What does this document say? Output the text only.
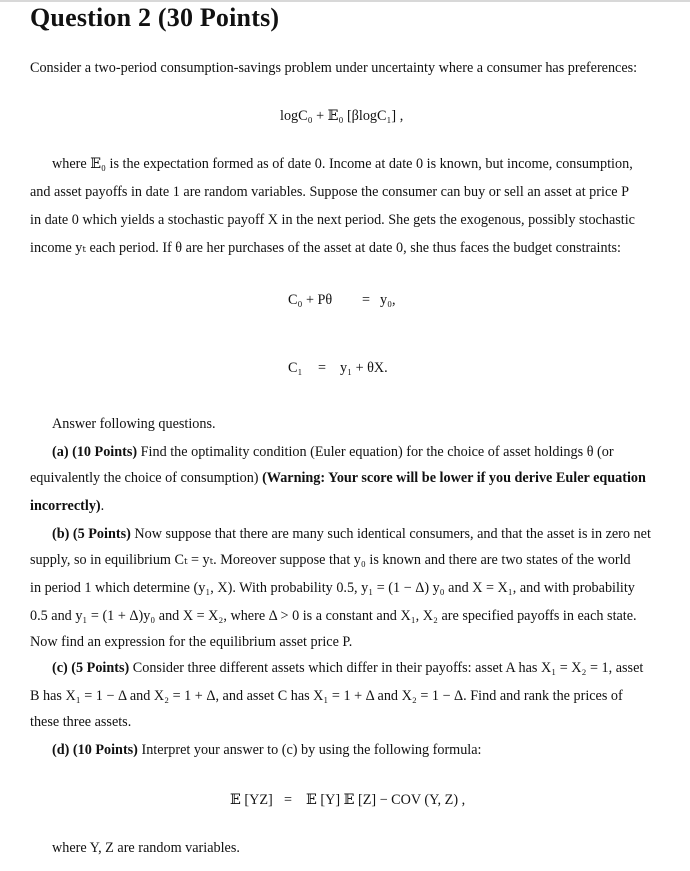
Question 2 (30 Points)

Consider a two-period consumption-savings problem under uncertainty where a consumer has preferences:

logC₀ + 𝔼₀ [βlogC₁] ,

where 𝔼₀ is the expectation formed as of date 0. Income at date 0 is known, but income, consumption,

and asset payoffs in date 1 are random variables. Suppose the consumer can buy or sell an asset at price P

in date 0 which yields a stochastic payoff X in the next period. She gets the exogenous, possibly stochastic

income yₜ each period. If θ are her purchases of the asset at date 0, she thus faces the budget constraints:

C₀ + Pθ = y₀,
C₁ = y₁ + θX.

Answer following questions.

(a) (10 Points) Find the optimality condition (Euler equation) for the choice of asset holdings θ (or

equivalently the choice of consumption) (Warning: Your score will be lower if you derive Euler equation

incorrectly).

(b) (5 Points) Now suppose that there are many such identical consumers, and that the asset is in zero net

supply, so in equilibrium Cₜ = yₜ. Moreover suppose that y₀ is known and there are two states of the world

in period 1 which determine (y₁, X). With probability 0.5, y₁ = (1 − Δ) y₀ and X = X₁, and with probability

0.5 and y₁ = (1 + Δ)y₀ and X = X₂, where Δ > 0 is a constant and X₁, X₂ are specified payoffs in each state.

Now find an expression for the equilibrium asset price P.

(c) (5 Points) Consider three different assets which differ in their payoffs: asset A has X₁ = X₂ = 1, asset

B has X₁ = 1 − Δ and X₂ = 1 + Δ, and asset C has X₁ = 1 + Δ and X₂ = 1 − Δ. Find and rank the prices of

these three assets.

(d) (10 Points) Interpret your answer to (c) by using the following formula:

𝔼 [YZ] = 𝔼 [Y] 𝔼 [Z] − COV (Y, Z) ,

where Y, Z are random variables.
